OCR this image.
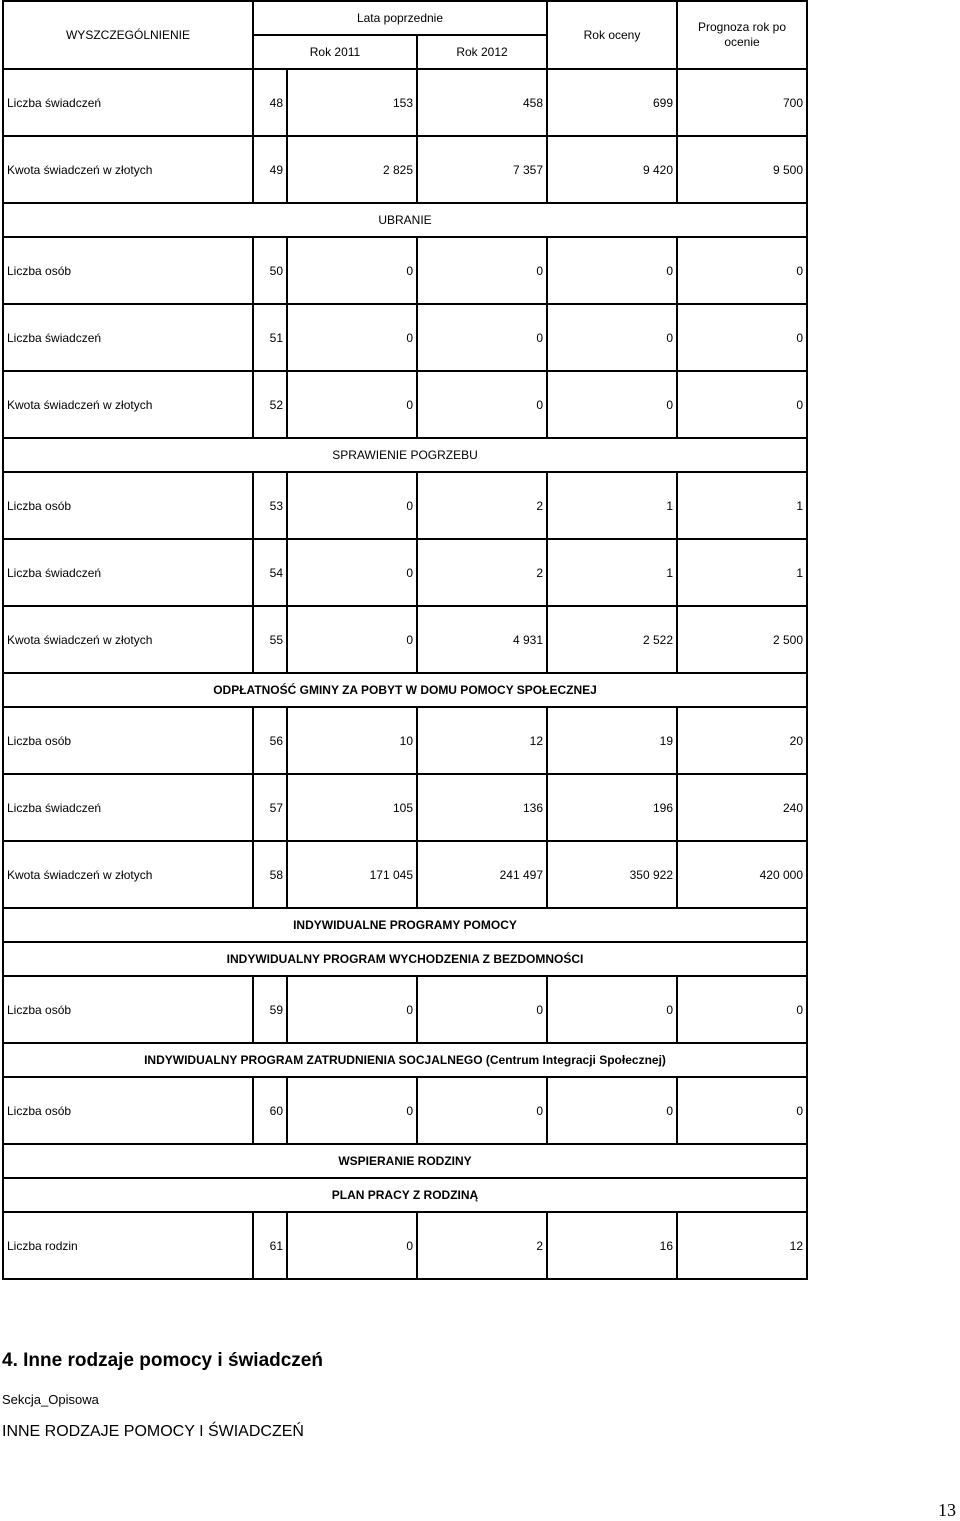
WYSZCZEGÓLNIENIE	Lata poprzednie			Rok oceny	Prognoza rok po ocenie
	Rok 2011		Rok 2012		
Liczba świadczeń	48	153	458	699	700
Kwota świadczeń w złotych	49	2 825	7 357	9 420	9 500
UBRANIE					
Liczba osób	50	0	0	0	0
Liczba świadczeń	51	0	0	0	0
Kwota świadczeń w złotych	52	0	0	0	0
SPRAWIENIE POGRZEBU					
Liczba osób	53	0	2	1	1
Liczba świadczeń	54	0	2	1	1
Kwota świadczeń w złotych	55	0	4 931	2 522	2 500
ODPŁATNOŚĆ GMINY ZA POBYT W DOMU POMOCY SPOŁECZNEJ					
Liczba osób	56	10	12	19	20
Liczba świadczeń	57	105	136	196	240
Kwota świadczeń w złotych	58	171 045	241 497	350 922	420 000
INDYWIDUALNE PROGRAMY POMOCY					
INDYWIDUALNY PROGRAM WYCHODZENIA Z BEZDOMNOŚCI					
Liczba osób	59	0	0	0	0
INDYWIDUALNY PROGRAM ZATRUDNIENIA SOCJALNEGO (Centrum Integracji Społecznej)					
Liczba osób	60	0	0	0	0
WSPIERANIE RODZINY					
PLAN PRACY Z RODZINĄ					
Liczba rodzin	61	0	2	16	12
4. Inne rodzaje pomocy i świadczeń
Sekcja_Opisowa
INNE RODZAJE POMOCY I ŚWIADCZEŃ
13
